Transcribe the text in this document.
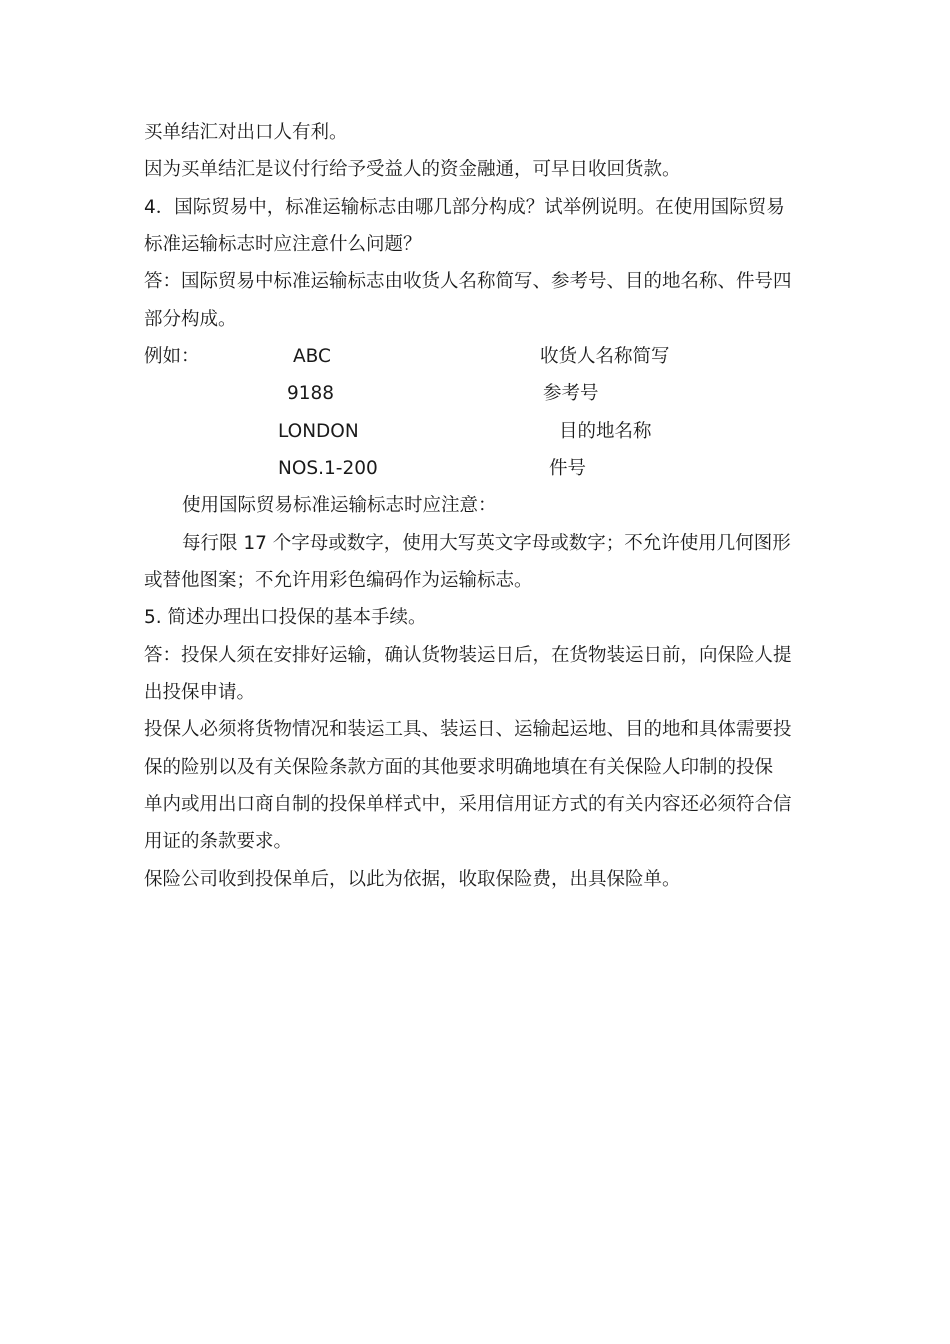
买单结汇对出口人有利。
因为买单结汇是议付行给予受益人的资金融通，可早日收回货款。
4．国际贸易中，标准运输标志由哪几部分构成？试举例说明。在使用国际贸易
标准运输标志时应注意什么问题？
答：国际贸易中标准运输标志由收货人名称简写、参考号、目的地名称、件号四
部分构成。
例如：	ABC	收货人名称简写
9188	参考号
LONDON	目的地名称
NOS.1-200	件号
使用国际贸易标准运输标志时应注意：
每行限 17 个字母或数字，使用大写英文字母或数字；不允许使用几何图形
或替他图案；不允许用彩色编码作为运输标志。
5. 简述办理出口投保的基本手续。
答：投保人须在安排好运输，确认货物装运日后，在货物装运日前，向保险人提
出投保申请。
投保人必须将货物情况和装运工具、装运日、运输起运地、目的地和具体需要投
保的险别以及有关保险条款方面的其他要求明确地填在有关保险人印制的投保
单内或用出口商自制的投保单样式中，采用信用证方式的有关内容还必须符合信
用证的条款要求。
保险公司收到投保单后，以此为依据，收取保险费，出具保险单。
